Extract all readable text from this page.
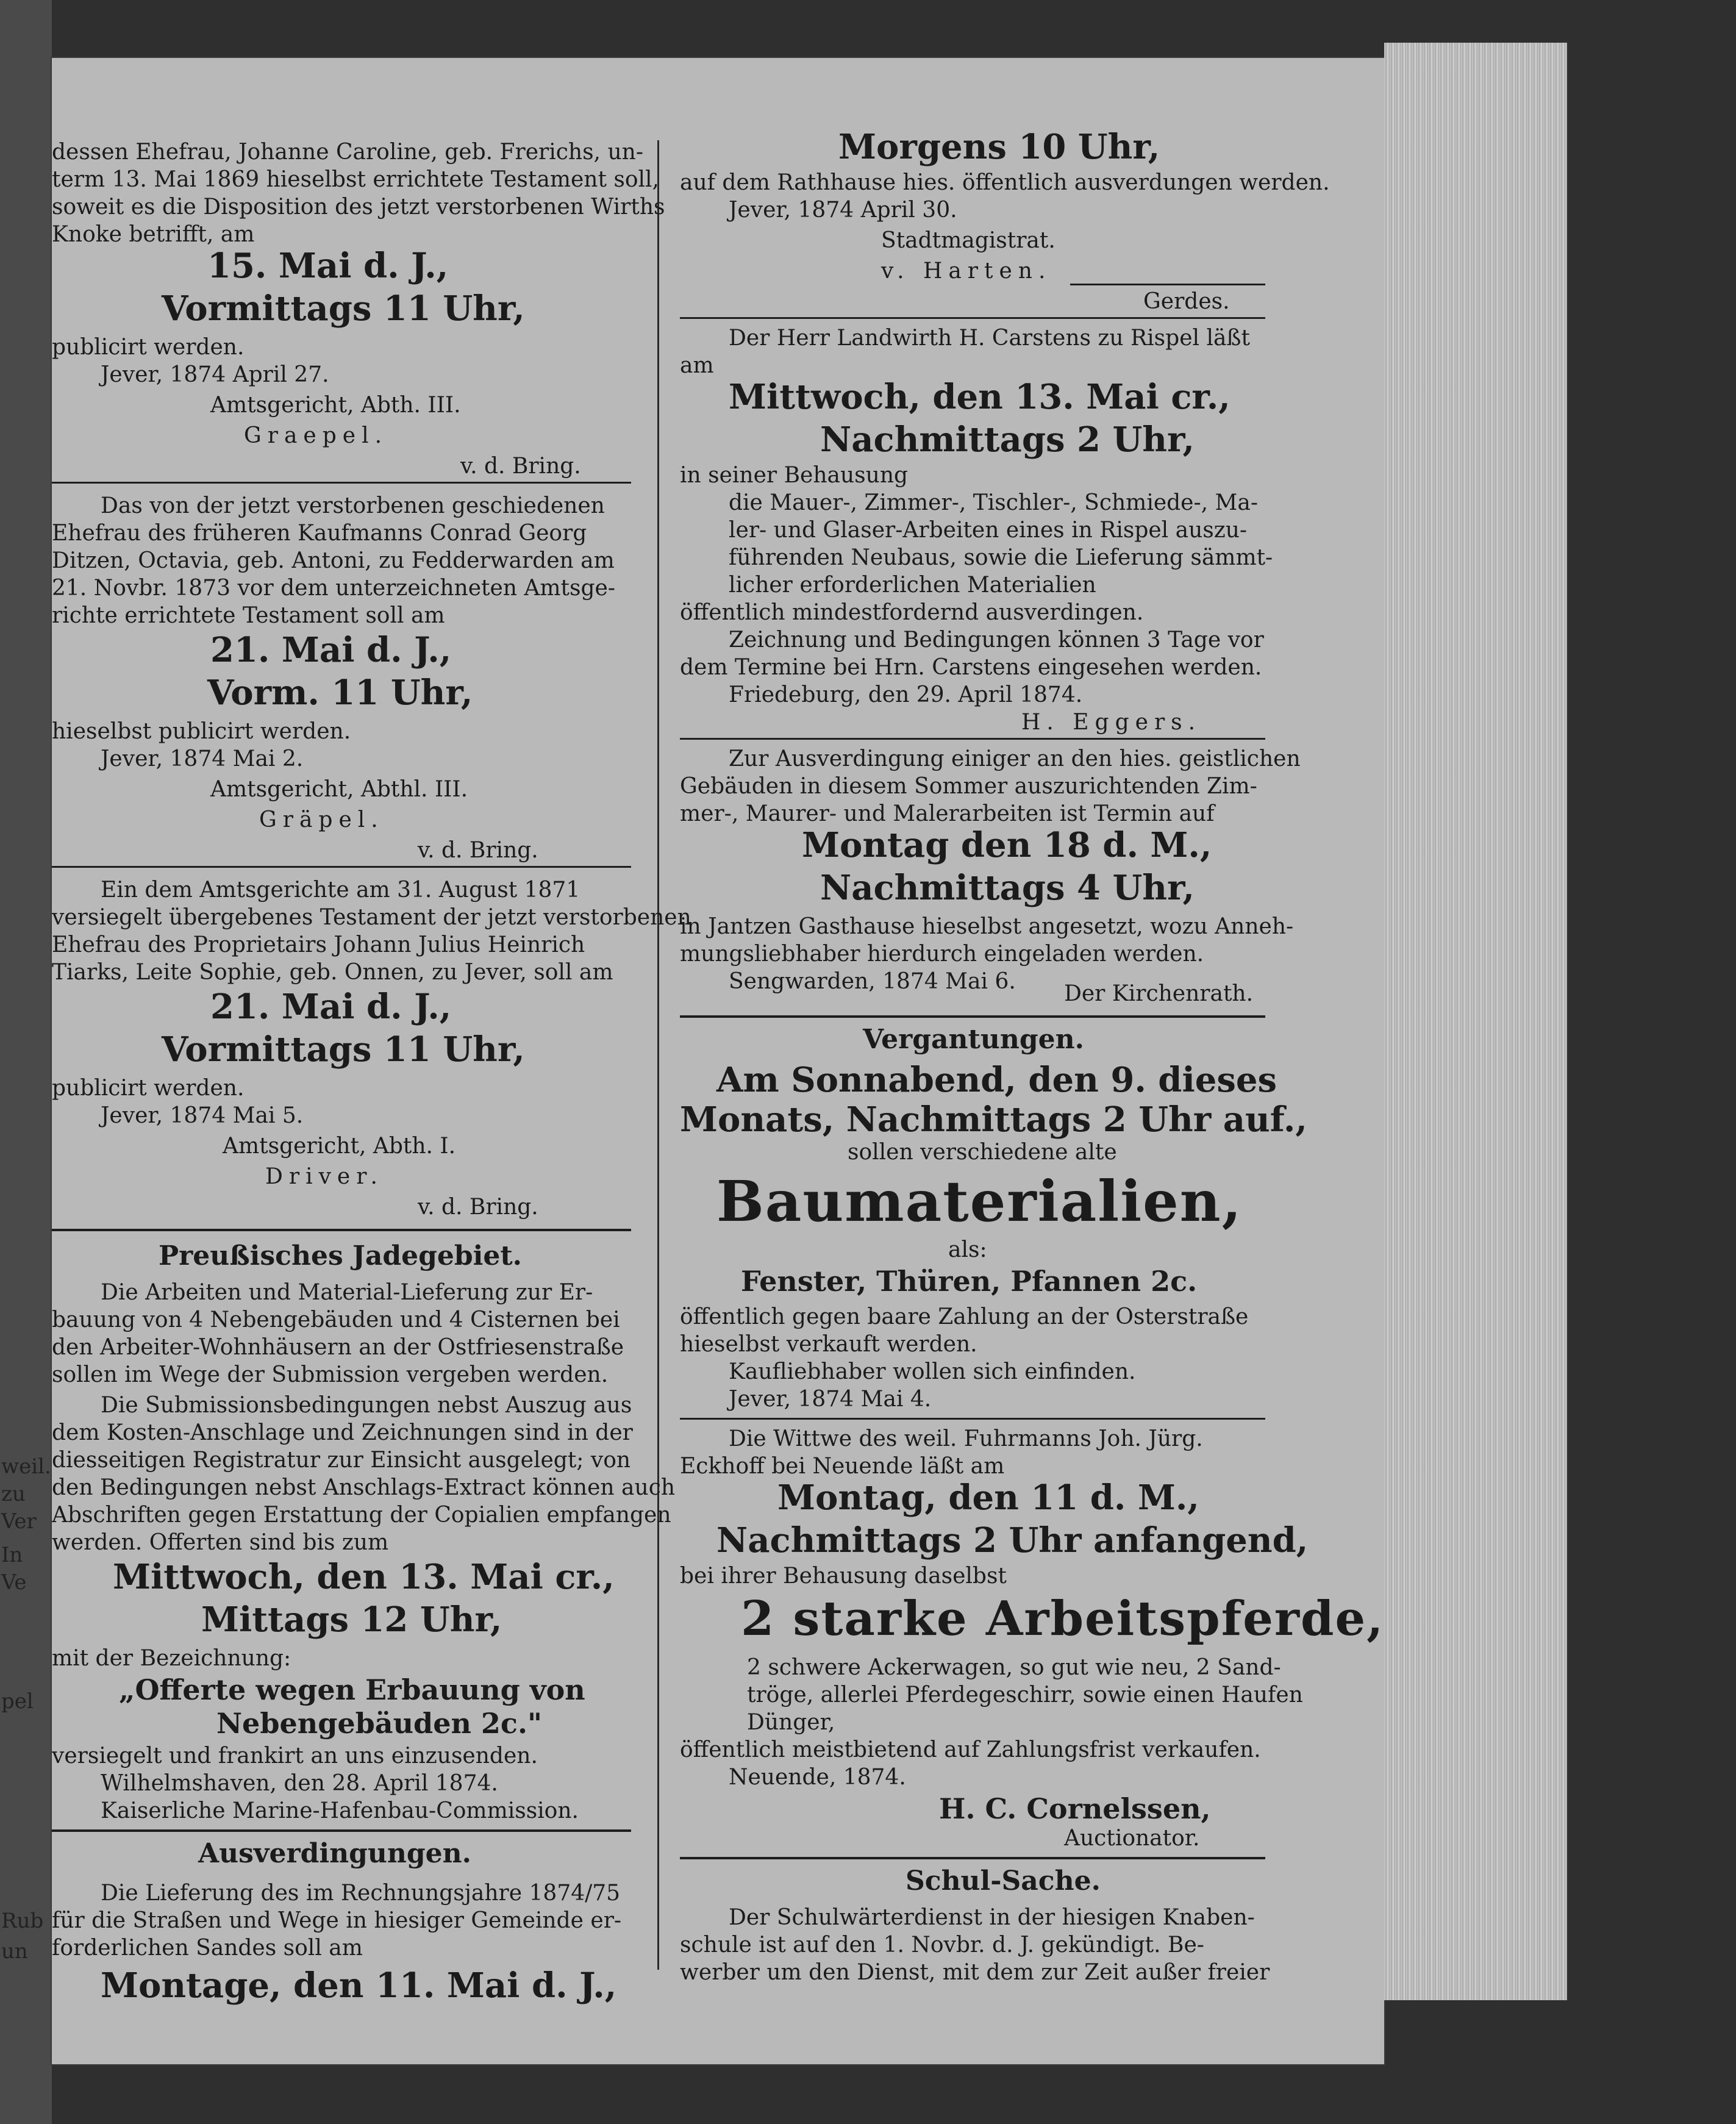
weil.
zu
Ver
In
Ve
pel
Rub
un
dessen Ehefrau, Johanne Caroline, geb. Frerichs, un-
term 13. Mai 1869 hieselbst errichtete Testament soll,
soweit es die Disposition des jetzt verstorbenen Wirths
Knoke betrifft, am
15. Mai d. J.,
Vormittags 11 Uhr,
publicirt werden.
Jever, 1874 April 27.
Amtsgericht, Abth. III.
Graepel.
v. d. Bring.
Das von der jetzt verstorbenen geschiedenen
Ehefrau des früheren Kaufmanns Conrad Georg
Ditzen, Octavia, geb. Antoni, zu Fedderwarden am
21. Novbr. 1873 vor dem unterzeichneten Amtsge-
richte errichtete Testament soll am
21. Mai d. J.,
Vorm. 11 Uhr,
hieselbst publicirt werden.
Jever, 1874 Mai 2.
Amtsgericht, Abthl. III.
Gräpel.
v. d. Bring.
Ein dem Amtsgerichte am 31. August 1871
versiegelt übergebenes Testament der jetzt verstorbenen
Ehefrau des Proprietairs Johann Julius Heinrich
Tiarks, Leite Sophie, geb. Onnen, zu Jever, soll am
21. Mai d. J.,
Vormittags 11 Uhr,
publicirt werden.
Jever, 1874 Mai 5.
Amtsgericht, Abth. I.
Driver.
v. d. Bring.
Preußisches Jadegebiet.
Die Arbeiten und Material-Lieferung zur Er-
bauung von 4 Nebengebäuden und 4 Cisternen bei
den Arbeiter-Wohnhäusern an der Ostfriesenstraße
sollen im Wege der Submission vergeben werden.
Die Submissionsbedingungen nebst Auszug aus
dem Kosten-Anschlage und Zeichnungen sind in der
diesseitigen Registratur zur Einsicht ausgelegt; von
den Bedingungen nebst Anschlags-Extract können auch
Abschriften gegen Erstattung der Copialien empfangen
werden. Offerten sind bis zum
Mittwoch, den 13. Mai cr.,
Mittags 12 Uhr,
mit der Bezeichnung:
„Offerte wegen Erbauung von
Nebengebäuden 2c."
versiegelt und frankirt an uns einzusenden.
Wilhelmshaven, den 28. April 1874.
Kaiserliche Marine-Hafenbau-Commission.
Ausverdingungen.
Die Lieferung des im Rechnungsjahre 1874/75
für die Straßen und Wege in hiesiger Gemeinde er-
forderlichen Sandes soll am
Montage, den 11. Mai d. J.,
Morgens 10 Uhr,
auf dem Rathhause hies. öffentlich ausverdungen werden.
Jever, 1874 April 30.
Stadtmagistrat.
v. Harten.
Gerdes.
Der Herr Landwirth H. Carstens zu Rispel läßt
am
Mittwoch, den 13. Mai cr.,
Nachmittags 2 Uhr,
in seiner Behausung
die Mauer-, Zimmer-, Tischler-, Schmiede-, Ma-
ler- und Glaser-Arbeiten eines in Rispel auszu-
führenden Neubaus, sowie die Lieferung sämmt-
licher erforderlichen Materialien
öffentlich mindestfordernd ausverdingen.
Zeichnung und Bedingungen können 3 Tage vor
dem Termine bei Hrn. Carstens eingesehen werden.
Friedeburg, den 29. April 1874.
H. Eggers.
Zur Ausverdingung einiger an den hies. geistlichen
Gebäuden in diesem Sommer auszurichtenden Zim-
mer-, Maurer- und Malerarbeiten ist Termin auf
Montag den 18 d. M.,
Nachmittags 4 Uhr,
in Jantzen Gasthause hieselbst angesetzt, wozu Anneh-
mungsliebhaber hierdurch eingeladen werden.
Sengwarden, 1874 Mai 6. Der Kirchenrath.
Vergantungen.
Am Sonnabend, den 9. dieses
Monats, Nachmittags 2 Uhr auf.,
sollen verschiedene alte
Baumaterialien,
als:
Fenster, Thüren, Pfannen 2c.
öffentlich gegen baare Zahlung an der Osterstraße
hieselbst verkauft werden.
Kaufliebhaber wollen sich einfinden.
Jever, 1874 Mai 4.
Die Wittwe des weil. Fuhrmanns Joh. Jürg.
Eckhoff bei Neuende läßt am
Montag, den 11 d. M.,
Nachmittags 2 Uhr anfangend,
bei ihrer Behausung daselbst
2 starke Arbeitspferde,
2 schwere Ackerwagen, so gut wie neu, 2 Sand-
tröge, allerlei Pferdegeschirr, sowie einen Haufen
Dünger,
öffentlich meistbietend auf Zahlungsfrist verkaufen.
Neuende, 1874.
H. C. Cornelssen,
Auctionator.
Schul-Sache.
Der Schulwärterdienst in der hiesigen Knaben-
schule ist auf den 1. Novbr. d. J. gekündigt. Be-
werber um den Dienst, mit dem zur Zeit außer freier
